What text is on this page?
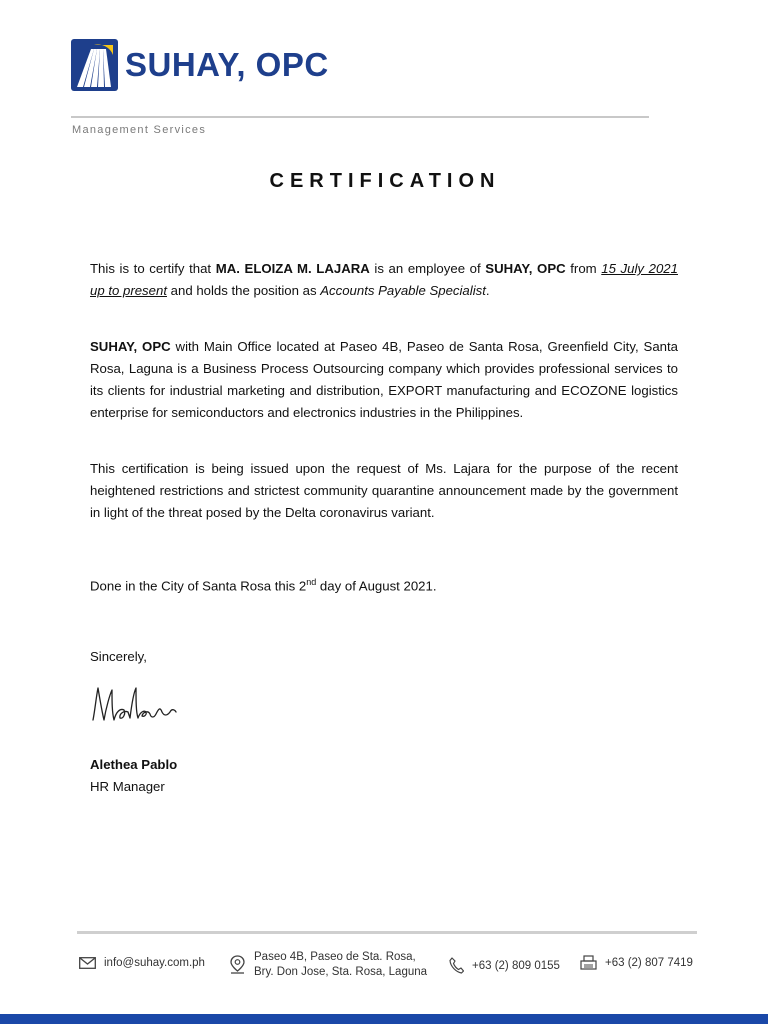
SUHAY, OPC
Management Services
CERTIFICATION
This is to certify that MA. ELOIZA M. LAJARA is an employee of SUHAY, OPC from 15 July 2021 up to present and holds the position as Accounts Payable Specialist.
SUHAY, OPC with Main Office located at Paseo 4B, Paseo de Santa Rosa, Greenfield City, Santa Rosa, Laguna is a Business Process Outsourcing company which provides professional services to its clients for industrial marketing and distribution, EXPORT manufacturing and ECOZONE logistics enterprise for semiconductors and electronics industries in the Philippines.
This certification is being issued upon the request of Ms. Lajara for the purpose of the recent heightened restrictions and strictest community quarantine announcement made by the government in light of the threat posed by the Delta coronavirus variant.
Done in the City of Santa Rosa this 2nd day of August 2021.
Sincerely,
Alethea Pablo
HR Manager
info@suhay.com.ph	Paseo 4B, Paseo de Sta. Rosa,
Bry. Don Jose, Sta. Rosa, Laguna
+63 (2) 809 0155	+63 (2) 807 7419
